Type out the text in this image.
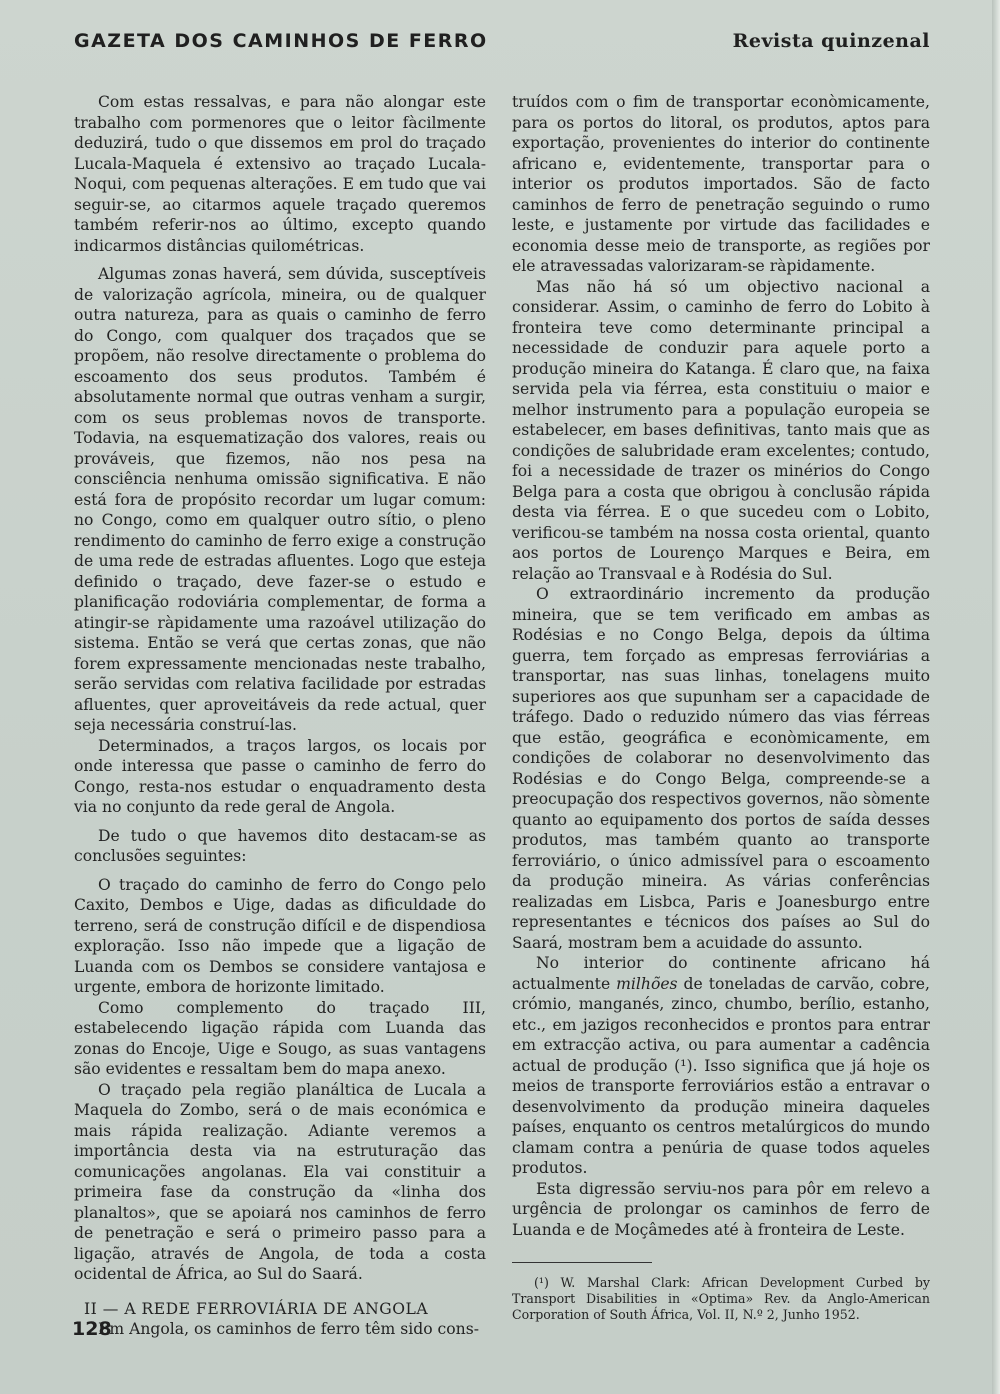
GAZETA DOS CAMINHOS DE FERRO	Revista quinzenal

Com estas ressalvas, e para não alongar este trabalho com pormenores que o leitor fàcilmente deduzirá, tudo o que dissemos em prol do traçado Lucala-Maquela é extensivo ao traçado Lucala-Noqui, com pequenas alterações. E em tudo que vai seguir-se, ao citarmos aquele traçado queremos também referir-nos ao último, excepto quando indicarmos distâncias quilométricas.

Algumas zonas haverá, sem dúvida, susceptíveis de valorização agrícola, mineira, ou de qualquer outra natureza, para as quais o caminho de ferro do Congo, com qualquer dos traçados que se propõem, não resolve directamente o problema do escoamento dos seus produtos. Também é absolutamente normal que outras venham a surgir, com os seus problemas novos de transporte. Todavia, na esquematização dos valores, reais ou prováveis, que fizemos, não nos pesa na consciência nenhuma omissão significativa. E não está fora de propósito recordar um lugar comum: no Congo, como em qualquer outro sítio, o pleno rendimento do caminho de ferro exige a construção de uma rede de estradas afluentes. Logo que esteja definido o traçado, deve fazer-se o estudo e planificação rodoviária complementar, de forma a atingir-se ràpidamente uma razoável utilização do sistema. Então se verá que certas zonas, que não forem expressamente mencionadas neste trabalho, serão servidas com relativa facilidade por estradas afluentes, quer aproveitáveis da rede actual, quer seja necessária construí-las.

Determinados, a traços largos, os locais por onde interessa que passe o caminho de ferro do Congo, resta-nos estudar o enquadramento desta via no conjunto da rede geral de Angola.

De tudo o que havemos dito destacam-se as conclusões seguintes:

O traçado do caminho de ferro do Congo pelo Caxito, Dembos e Uige, dadas as dificuldade do terreno, será de construção difícil e de dispendiosa exploração. Isso não impede que a ligação de Luanda com os Dembos se considere vantajosa e urgente, embora de horizonte limitado.

Como complemento do traçado III, estabelecendo ligação rápida com Luanda das zonas do Encoje, Uige e Sougo, as suas vantagens são evidentes e ressaltam bem do mapa anexo.

O traçado pela região planáltica de Lucala a Maquela do Zombo, será o de mais económica e mais rápida realização. Adiante veremos a importância desta via na estruturação das comunicações angolanas. Ela vai constituir a primeira fase da construção da «linha dos planaltos», que se apoiará nos caminhos de ferro de penetração e será o primeiro passo para a ligação, através de Angola, de toda a costa ocidental de África, ao Sul do Saará.

II — A REDE FERROVIÁRIA DE ANGOLA

Em Angola, os caminhos de ferro têm sido cons-

truídos com o fim de transportar econòmicamente, para os portos do litoral, os produtos, aptos para exportação, provenientes do interior do continente africano e, evidentemente, transportar para o interior os produtos importados. São de facto caminhos de ferro de penetração seguindo o rumo leste, e justamente por virtude das facilidades e economia desse meio de transporte, as regiões por ele atravessadas valorizaram-se ràpidamente.

Mas não há só um objectivo nacional a considerar. Assim, o caminho de ferro do Lobito à fronteira teve como determinante principal a necessidade de conduzir para aquele porto a produção mineira do Katanga. É claro que, na faixa servida pela via férrea, esta constituiu o maior e melhor instrumento para a população europeia se estabelecer, em bases definitivas, tanto mais que as condições de salubridade eram excelentes; contudo, foi a necessidade de trazer os minérios do Congo Belga para a costa que obrigou à conclusão rápida desta via férrea. E o que sucedeu com o Lobito, verificou-se também na nossa costa oriental, quanto aos portos de Lourenço Marques e Beira, em relação ao Transvaal e à Rodésia do Sul.

O extraordinário incremento da produção mineira, que se tem verificado em ambas as Rodésias e no Congo Belga, depois da última guerra, tem forçado as empresas ferroviárias a transportar, nas suas linhas, tonelagens muito superiores aos que supunham ser a capacidade de tráfego. Dado o reduzido número das vias férreas que estão, geográfica e econòmicamente, em condições de colaborar no desenvolvimento das Rodésias e do Congo Belga, compreende-se a preocupação dos respectivos governos, não sòmente quanto ao equipamento dos portos de saída desses produtos, mas também quanto ao transporte ferroviário, o único admissível para o escoamento da produção mineira. As várias conferências realizadas em Lisbca, Paris e Joanesburgo entre representantes e técnicos dos países ao Sul do Saará, mostram bem a acuidade do assunto.

No interior do continente africano há actualmente milhões de toneladas de carvão, cobre, crómio, manganés, zinco, chumbo, berílio, estanho, etc., em jazigos reconhecidos e prontos para entrar em extracção activa, ou para aumentar a cadência actual de produção (¹). Isso significa que já hoje os meios de transporte ferroviários estão a entravar o desenvolvimento da produção mineira daqueles países, enquanto os centros metalúrgicos do mundo clamam contra a penúria de quase todos aqueles produtos.

Esta digressão serviu-nos para pôr em relevo a urgência de prolongar os caminhos de ferro de Luanda e de Moçâmedes até à fronteira de Leste.

(¹) W. Marshal Clark: African Development Curbed by Transport Disabilities in «Optima» Rev. da Anglo-American Corporation of South África, Vol. II, N.º 2, Junho 1952.
128
